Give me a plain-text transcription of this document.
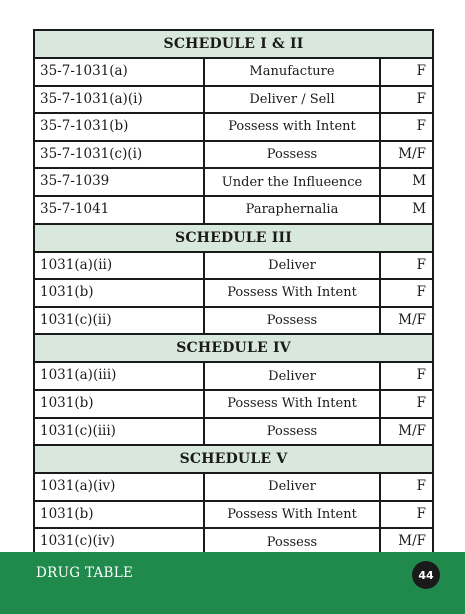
SCHEDULE I & II		
35-7-1031(a)	Manufacture	F
35-7-1031(a)(i)	Deliver / Sell	F
35-7-1031(b)	Possess with Intent	F
35-7-1031(c)(i)	Possess	M/F
35-7-1039	Under the Influeence	M
35-7-1041	Paraphernalia	M
SCHEDULE III		
1031(a)(ii)	Deliver	F
1031(b)	Possess With Intent	F
1031(c)(ii)	Possess	M/F
SCHEDULE IV		
1031(a)(iii)	Deliver	F
1031(b)	Possess With Intent	F
1031(c)(iii)	Possess	M/F
SCHEDULE V		
1031(a)(iv)	Deliver	F
1031(b)	Possess With Intent	F
1031(c)(iv)	Possess	M/F
DRUG TABLE	44
